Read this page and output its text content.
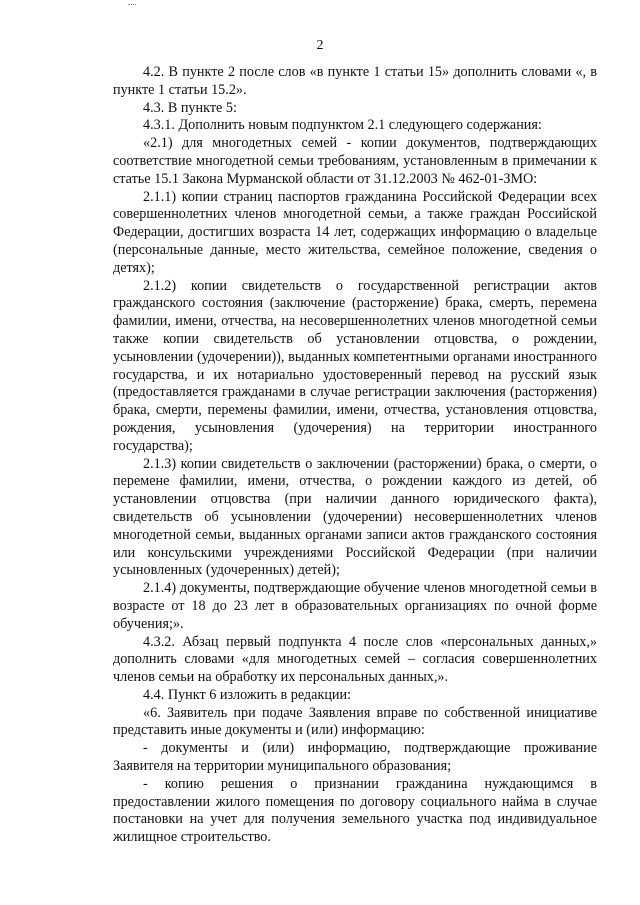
2

4.2. В пункте 2 после слов «в пункте 1 статьи 15» дополнить словами «, в пункте 1 статьи 15.2».

4.3. В пункте 5:

4.3.1. Дополнить новым подпунктом 2.1 следующего содержания:

«2.1) для многодетных семей - копии документов, подтверждающих соответствие многодетной семьи требованиям, установленным в примечании к статье 15.1 Закона Мурманской области от 31.12.2003 № 462-01-ЗМО:

2.1.1) копии страниц паспортов гражданина Российской Федерации всех совершеннолетних членов многодетной семьи, а также граждан Российской Федерации, достигших возраста 14 лет, содержащих информацию о владельце (персональные данные, место жительства, семейное положение, сведения о детях);

2.1.2) копии свидетельств о государственной регистрации актов гражданского состояния (заключение (расторжение) брака, смерть, перемена фамилии, имени, отчества, на несовершеннолетних членов многодетной семьи также копии свидетельств об установлении отцовства, о рождении, усыновлении (удочерении)), выданных компетентными органами иностранного государства, и их нотариально удостоверенный перевод на русский язык (предоставляется гражданами в случае регистрации заключения (расторжения) брака, смерти, перемены фамилии, имени, отчества, установления отцовства, рождения, усыновления (удочерения) на территории иностранного государства);

2.1.3) копии свидетельств о заключении (расторжении) брака, о смерти, о перемене фамилии, имени, отчества, о рождении каждого из детей, об установлении отцовства (при наличии данного юридического факта), свидетельств об усыновлении (удочерении) несовершеннолетних членов многодетной семьи, выданных органами записи актов гражданского состояния или консульскими учреждениями Российской Федерации (при наличии усыновленных (удочеренных) детей);

2.1.4) документы, подтверждающие обучение членов многодетной семьи в возрасте от 18 до 23 лет в образовательных организациях по очной форме обучения;».

4.3.2. Абзац первый подпункта 4 после слов «персональных данных,» дополнить словами «для многодетных семей – согласия совершеннолетних членов семьи на обработку их персональных данных,».

4.4. Пункт 6 изложить в редакции:

«6. Заявитель при подаче Заявления вправе по собственной инициативе представить иные документы и (или) информацию:

- документы и (или) информацию, подтверждающие проживание Заявителя на территории муниципального образования;

- копию решения о признании гражданина нуждающимся в предоставлении жилого помещения по договору социального найма в случае постановки на учет для получения земельного участка под индивидуальное жилищное строительство.
